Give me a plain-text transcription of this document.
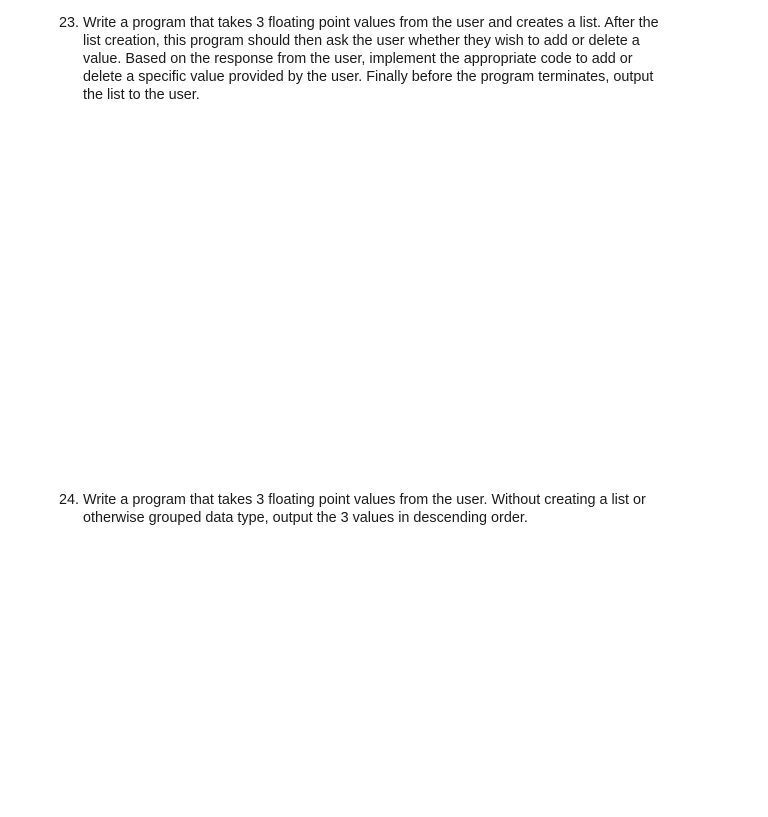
23. Write a program that takes 3 floating point values from the user and creates a list. After the
list creation, this program should then ask the user whether they wish to add or delete a
value. Based on the response from the user, implement the appropriate code to add or
delete a specific value provided by the user. Finally before the program terminates, output
the list to the user.
24. Write a program that takes 3 floating point values from the user. Without creating a list or
otherwise grouped data type, output the 3 values in descending order.
